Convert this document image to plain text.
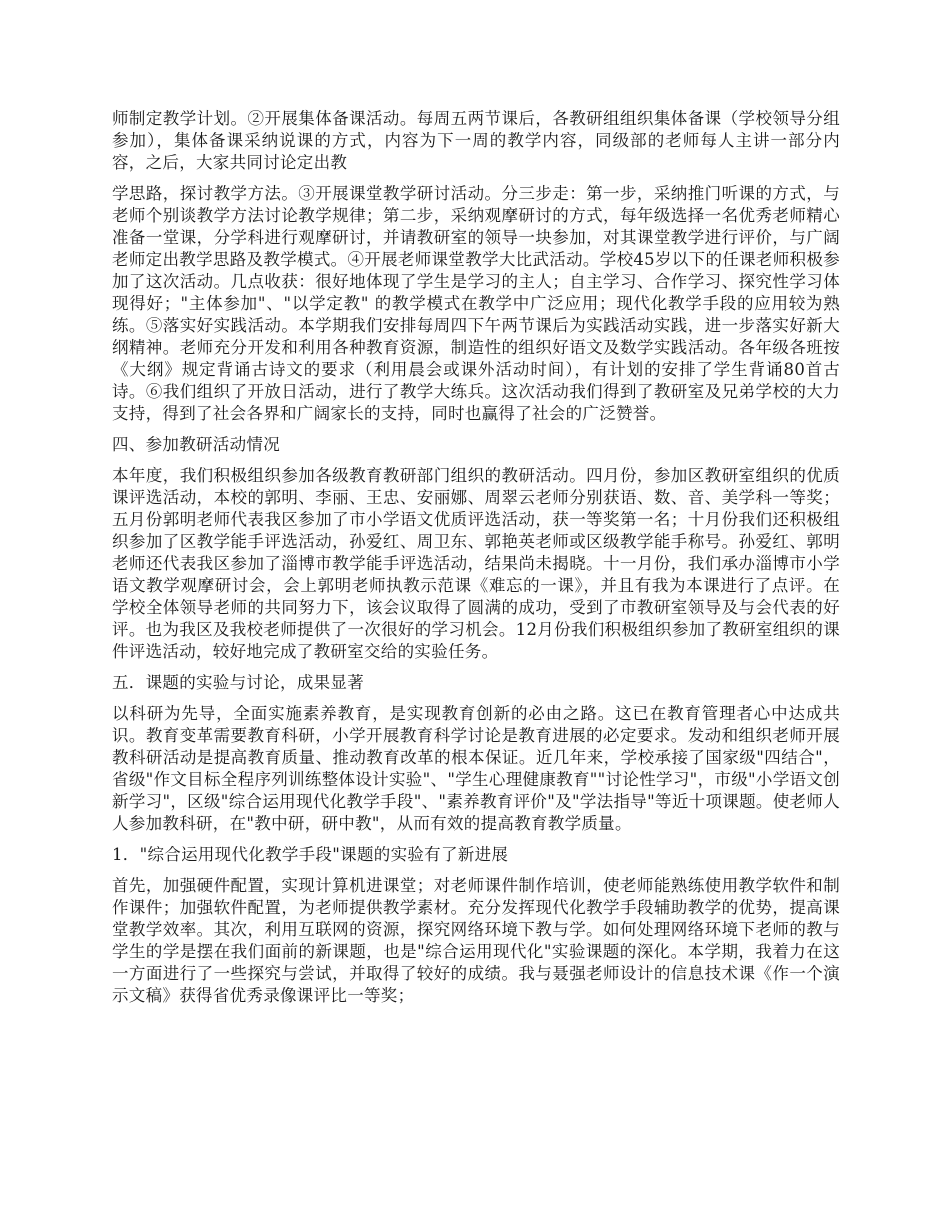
师制定教学计划。②开展集体备课活动。每周五两节课后，各教研组组织集体备课（学校领导分组参加），集体备课采纳说课的方式，内容为下一周的教学内容，同级部的老师每人主讲一部分内容，之后，大家共同讨论定出教

学思路，探讨教学方法。③开展课堂教学研讨活动。分三步走：第一步，采纳推门听课的方式，与老师个别谈教学方法讨论教学规律；第二步，采纳观摩研讨的方式，每年级选择一名优秀老师精心准备一堂课，分学科进行观摩研讨，并请教研室的领导一块参加，对其课堂教学进行评价，与广阔老师定出教学思路及教学模式。④开展老师课堂教学大比武活动。学校45岁以下的任课老师积极参加了这次活动。几点收获：很好地体现了学生是学习的主人；自主学习、合作学习、探究性学习体现得好；"主体参加"、"以学定教" 的教学模式在教学中广泛应用；现代化教学手段的应用较为熟练。⑤落实好实践活动。本学期我们安排每周四下午两节课后为实践活动实践，进一步落实好新大纲精神。老师充分开发和利用各种教育资源，制造性的组织好语文及数学实践活动。各年级各班按《大纲》规定背诵古诗文的要求（利用晨会或课外活动时间），有计划的安排了学生背诵80首古诗。⑥我们组织了开放日活动，进行了教学大练兵。这次活动我们得到了教研室及兄弟学校的大力支持，得到了社会各界和广阔家长的支持，同时也赢得了社会的广泛赞誉。

四、参加教研活动情况

本年度，我们积极组织参加各级教育教研部门组织的教研活动。四月份，参加区教研室组织的优质课评选活动，本校的郭明、李丽、王忠、安丽娜、周翠云老师分别获语、数、音、美学科一等奖；五月份郭明老师代表我区参加了市小学语文优质评选活动，获一等奖第一名；十月份我们还积极组织参加了区教学能手评选活动，孙爱红、周卫东、郭艳英老师或区级教学能手称号。孙爱红、郭明老师还代表我区参加了淄博市教学能手评选活动，结果尚未揭晓。十一月份，我们承办淄博市小学语文教学观摩研讨会，会上郭明老师执教示范课《难忘的一课》，并且有我为本课进行了点评。在学校全体领导老师的共同努力下，该会议取得了圆满的成功，受到了市教研室领导及与会代表的好评。也为我区及我校老师提供了一次很好的学习机会。12月份我们积极组织参加了教研室组织的课件评选活动，较好地完成了教研室交给的实验任务。

五．课题的实验与讨论，成果显著

以科研为先导，全面实施素养教育，是实现教育创新的必由之路。这已在教育管理者心中达成共识。教育变革需要教育科研，小学开展教育科学讨论是教育进展的必定要求。发动和组织老师开展教科研活动是提高教育质量、推动教育改革的根本保证。近几年来，学校承接了国家级"四结合"，省级"作文目标全程序列训练整体设计实验"、"学生心理健康教育""讨论性学习"，市级"小学语文创新学习"，区级"综合运用现代化教学手段"、"素养教育评价"及"学法指导"等近十项课题。使老师人人参加教科研，在"教中研，研中教"，从而有效的提高教育教学质量。

1．"综合运用现代化教学手段"课题的实验有了新进展

首先，加强硬件配置，实现计算机进课堂；对老师课件制作培训，使老师能熟练使用教学软件和制作课件；加强软件配置，为老师提供教学素材。充分发挥现代化教学手段辅助教学的优势，提高课堂教学效率。其次，利用互联网的资源，探究网络环境下教与学。如何处理网络环境下老师的教与学生的学是摆在我们面前的新课题，也是"综合运用现代化"实验课题的深化。本学期，我着力在这一方面进行了一些探究与尝试，并取得了较好的成绩。我与聂强老师设计的信息技术课《作一个演示文稿》获得省优秀录像课评比一等奖；
